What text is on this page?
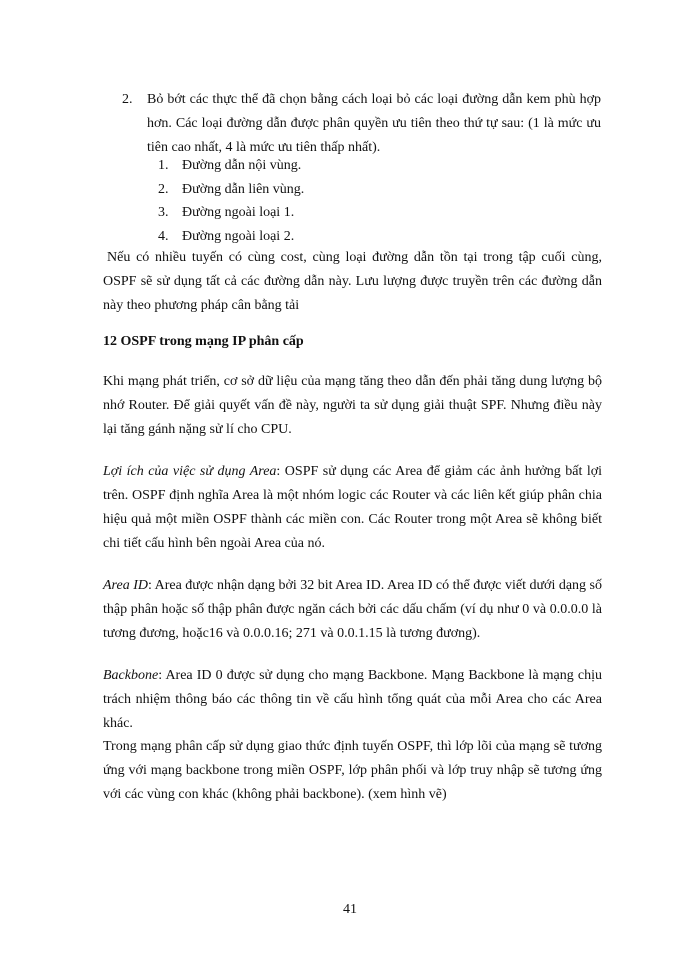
2. Bỏ bớt các thực thể đã chọn bằng cách loại bỏ các loại đường dẫn kem phù hợp hơn. Các loại đường dẫn được phân quyền ưu tiên theo thứ tự sau: (1 là mức ưu tiên cao nhất, 4 là mức ưu tiên thấp nhất).
1. Đường dẫn nội vùng.
2. Đường dẫn liên vùng.
3. Đường ngoài loại 1.
4. Đường ngoài loại 2.
Nếu có nhiều tuyến có cùng cost, cùng loại đường dẫn tồn tại trong tập cuối cùng, OSPF sẽ sử dụng tất cả các đường dẫn này. Lưu lượng được truyền trên các đường dẫn này theo phương pháp cân bằng tải
12 OSPF trong mạng IP phân cấp
Khi mạng phát triển, cơ sở dữ liệu của mạng tăng theo dẫn đến phải tăng dung lượng bộ nhớ Router. Để giải quyết vấn đề này, người ta sử dụng giải thuật SPF. Nhưng điều này lại tăng gánh nặng sử lí cho CPU.
Lợi ích của việc sử dụng Area: OSPF sử dụng các Area để giảm các ảnh hưởng bất lợi trên. OSPF định nghĩa Area là một nhóm logic các Router và các liên kết giúp phân chia hiệu quả một miền OSPF thành các miền con. Các Router trong một Area sẽ không biết chi tiết cấu hình bên ngoài Area của nó.
Area ID: Area được nhận dạng bởi 32 bit Area ID. Area ID có thể được viết dưới dạng số thập phân hoặc số thập phân được ngăn cách bởi các dấu chấm (ví dụ như 0 và 0.0.0.0 là tương đương, hoặc16 và 0.0.0.16; 271 và 0.0.1.15 là tương đương).
Backbone: Area ID 0 được sử dụng cho mạng Backbone. Mạng Backbone là mạng chịu trách nhiệm thông báo các thông tin về cấu hình tổng quát của mỗi Area cho các Area khác.
Trong mạng phân cấp sử dụng giao thức định tuyến OSPF, thì lớp lõi của mạng sẽ tương ứng với mạng backbone trong miền OSPF, lớp phân phối và lớp truy nhập sẽ tương ứng với các vùng con khác (không phải backbone). (xem hình vẽ)
41
